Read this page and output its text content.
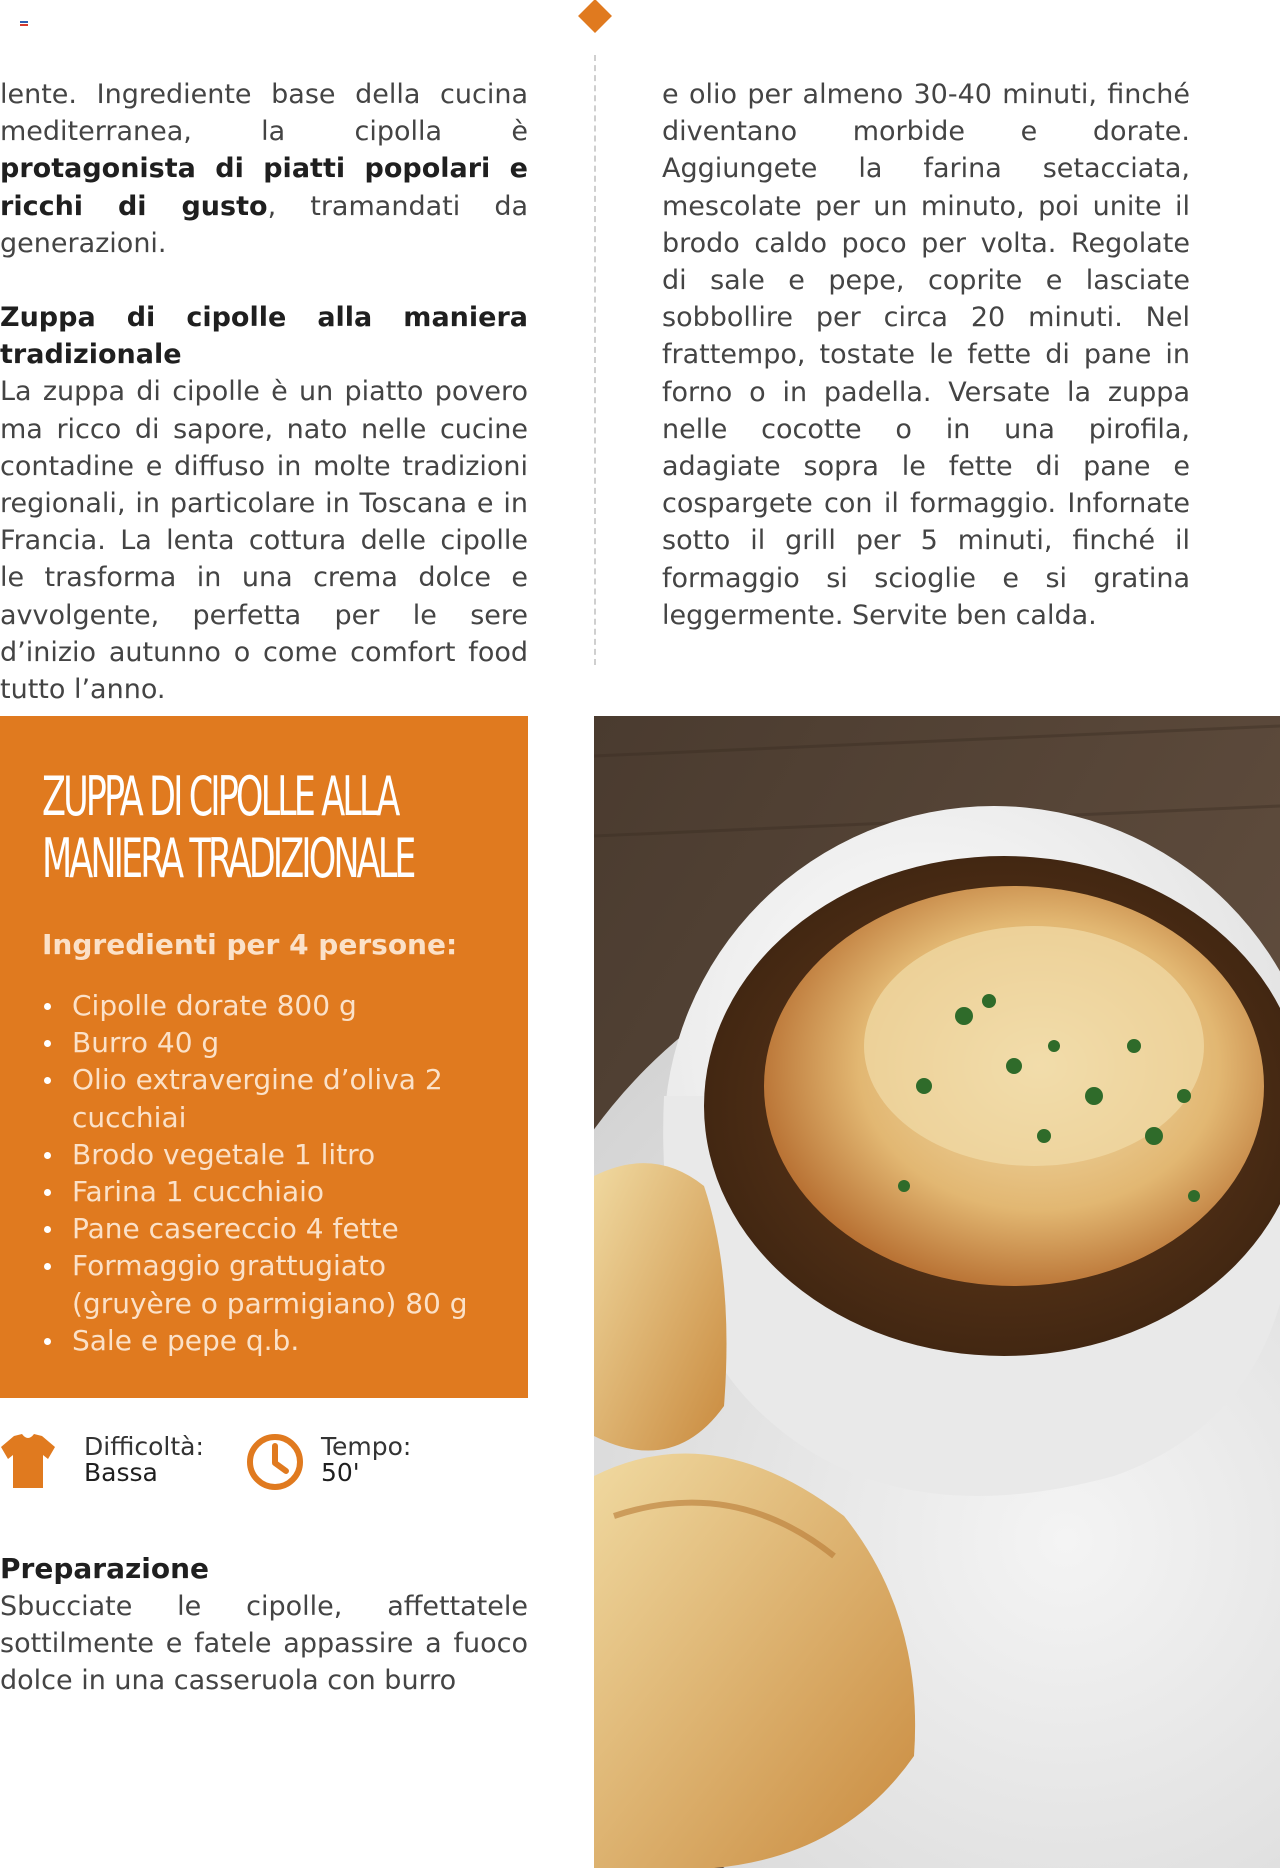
lente. Ingrediente base della cucina mediterranea, la cipolla è protagonista di piatti popolari e ricchi di gusto, tramandati da generazioni.

Zuppa di cipolle alla maniera tradizionale

La zuppa di cipolle è un piatto povero ma ricco di sapore, nato nelle cucine contadine e diffuso in molte tradizioni regionali, in particolare in Toscana e in Francia. La lenta cottura delle cipolle le trasforma in una crema dolce e avvolgente, perfetta per le sere d’inizio autunno o come comfort food tutto l’anno.

e olio per almeno 30-40 minuti, finché diventano morbide e dorate. Aggiungete la farina setacciata, mescolate per un minuto, poi unite il brodo caldo poco per volta. Regolate di sale e pepe, coprite e lasciate sobbollire per circa 20 minuti. Nel frattempo, tostate le fette di pane in forno o in padella. Versate la zuppa nelle cocotte o in una pirofila, adagiate sopra le fette di pane e cospargete con il formaggio. Infornate sotto il grill per 5 minuti, finché il formaggio si scioglie e si gratina leggermente. Servite ben calda.

ZUPPA DI CIPOLLE ALLA
MANIERA TRADIZIONALE
Ingredienti per 4 persone:
Cipolle dorate 800 g
Burro 40 g
Olio extravergine d’oliva 2 cucchiai
Brodo vegetale 1 litro
Farina 1 cucchiaio
Pane casereccio 4 fette
Formaggio grattugiato (gruyère o parmigiano) 80 g
Sale e pepe q.b.
Difficoltà:
Bassa
Tempo:
50'
Preparazione

Sbucciate le cipolle, affettatele sottilmente e fatele appassire a fuoco dolce in una casseruola con burro
